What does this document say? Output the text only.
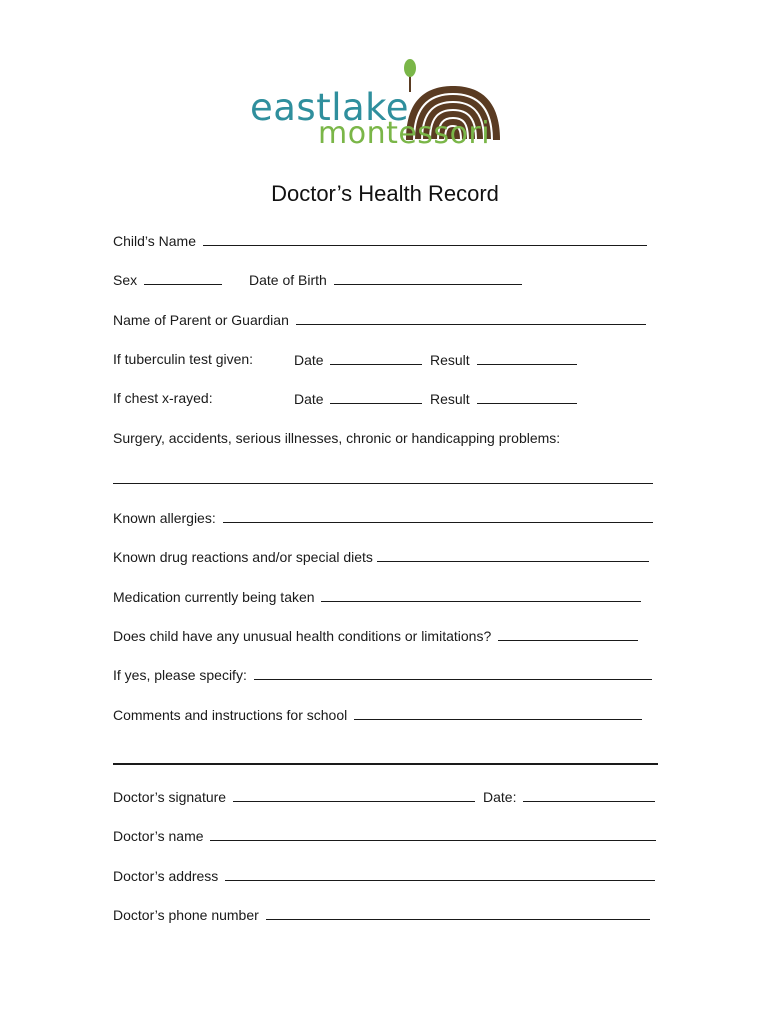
eastlake
montessori
Doctor’s Health Record
Child’s Name
Sex	Date of Birth
Name of Parent or Guardian
If tuberculin test given:	Date	Result
If chest x-rayed:	Date	Result
Surgery, accidents, serious illnesses, chronic or handicapping problems:
Known allergies:
Known drug reactions and/or special diets
Medication currently being taken
Does child have any unusual health conditions or limitations?
If yes, please specify:
Comments and instructions for school
Doctor’s signature	Date:
Doctor’s name
Doctor’s address
Doctor’s phone number
